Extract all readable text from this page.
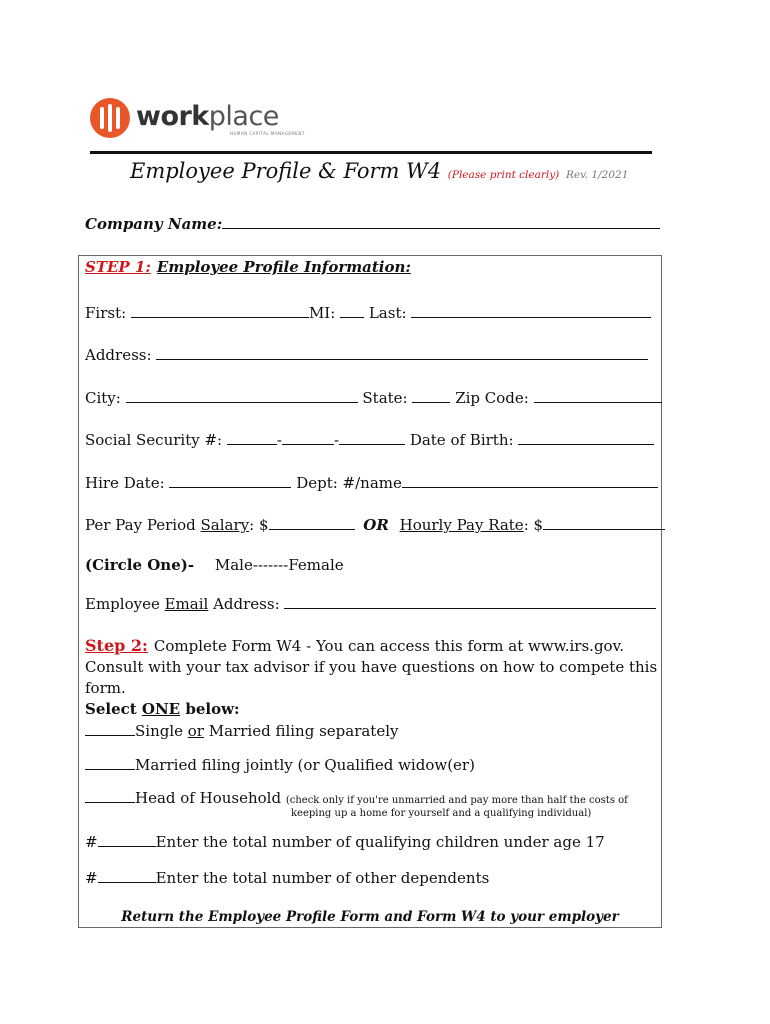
workplace
HUMAN CAPITAL MANAGEMENT
Employee Profile & Form W4 (Please print clearly) Rev. 1/2021
Company Name:
STEP 1: Employee Profile Information:
First:	MI: Last:
Address:
City:	State:	Zip Code:
Social Security #:	-	-	Date of Birth:
Hire Date:	Dept: #/name
Per Pay Period Salary: $	OR Hourly Pay Rate: $
(Circle One)- Male-------Female
Employee Email Address:
Step 2: Complete Form W4 - You can access this form at www.irs.gov. Consult with your tax advisor if you have questions on how to compete this form.
Select ONE below:
Single or Married filing separately
Married filing jointly (or Qualified widow(er)
Head of Household (check only if you're unmarried and pay more than half the costs of
keeping up a home for yourself and a qualifying individual)
#	Enter the total number of qualifying children under age 17
#	Enter the total number of other dependents
Return the Employee Profile Form and Form W4 to your employer
